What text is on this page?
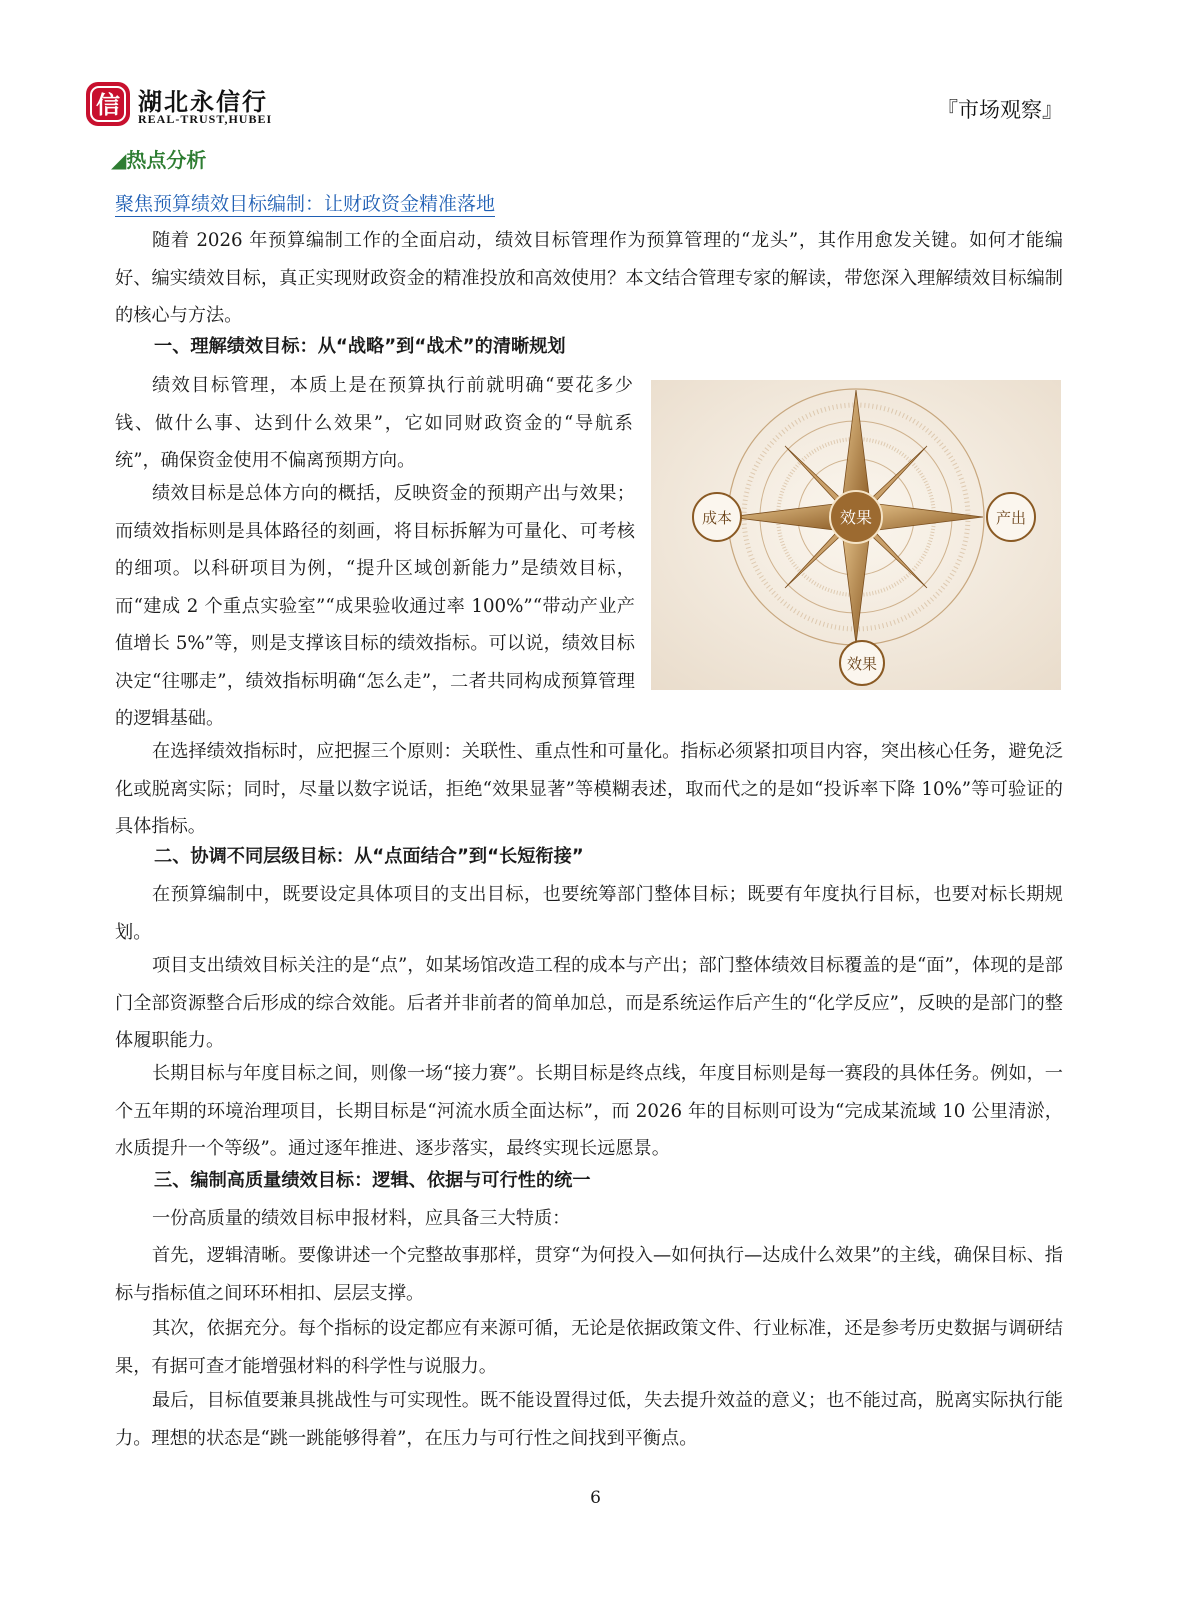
信 湖北永信行
REAL-TRUST,HUBEI	『市场观察』
◢热点分析
聚焦预算绩效目标编制：让财政资金精准落地

随着 2026 年预算编制工作的全面启动，绩效目标管理作为预算管理的“龙头”，其作用愈发关键。如何才能编好、编实绩效目标，真正实现财政资金的精准投放和高效使用？本文结合管理专家的解读，带您深入理解绩效目标编制的核心与方法。

一、理解绩效目标：从“战略”到“战术”的清晰规划

绩效目标管理，本质上是在预算执行前就明确“要花多少钱、做什么事、达到什么效果”，它如同财政资金的“导航系统”，确保资金使用不偏离预期方向。

绩效目标是总体方向的概括，反映资金的预期产出与效果；而绩效指标则是具体路径的刻画，将目标拆解为可量化、可考核的细项。以科研项目为例，“提升区域创新能力”是绩效目标，而“建成 2 个重点实验室”“成果验收通过率 100%”“带动产业产值增长 5%”等，则是支撑该目标的绩效指标。可以说，绩效目标决定“往哪走”，绩效指标明确“怎么走”，二者共同构成预算管理的逻辑基础。

效果
成本	产出
效果

在选择绩效指标时，应把握三个原则：关联性、重点性和可量化。指标必须紧扣项目内容，突出核心任务，避免泛化或脱离实际；同时，尽量以数字说话，拒绝“效果显著”等模糊表述，取而代之的是如“投诉率下降 10%”等可验证的具体指标。

二、协调不同层级目标：从“点面结合”到“长短衔接”

在预算编制中，既要设定具体项目的支出目标，也要统筹部门整体目标；既要有年度执行目标，也要对标长期规划。

项目支出绩效目标关注的是“点”，如某场馆改造工程的成本与产出；部门整体绩效目标覆盖的是“面”，体现的是部门全部资源整合后形成的综合效能。后者并非前者的简单加总，而是系统运作后产生的“化学反应”，反映的是部门的整体履职能力。

长期目标与年度目标之间，则像一场“接力赛”。长期目标是终点线，年度目标则是每一赛段的具体任务。例如，一个五年期的环境治理项目，长期目标是“河流水质全面达标”，而 2026 年的目标则可设为“完成某流域 10 公里清淤，水质提升一个等级”。通过逐年推进、逐步落实，最终实现长远愿景。

三、编制高质量绩效目标：逻辑、依据与可行性的统一

一份高质量的绩效目标申报材料，应具备三大特质：

首先，逻辑清晰。要像讲述一个完整故事那样，贯穿“为何投入—如何执行—达成什么效果”的主线，确保目标、指标与指标值之间环环相扣、层层支撑。

其次，依据充分。每个指标的设定都应有来源可循，无论是依据政策文件、行业标准，还是参考历史数据与调研结果，有据可查才能增强材料的科学性与说服力。

最后，目标值要兼具挑战性与可实现性。既不能设置得过低，失去提升效益的意义；也不能过高，脱离实际执行能力。理想的状态是“跳一跳能够得着”，在压力与可行性之间找到平衡点。

6
